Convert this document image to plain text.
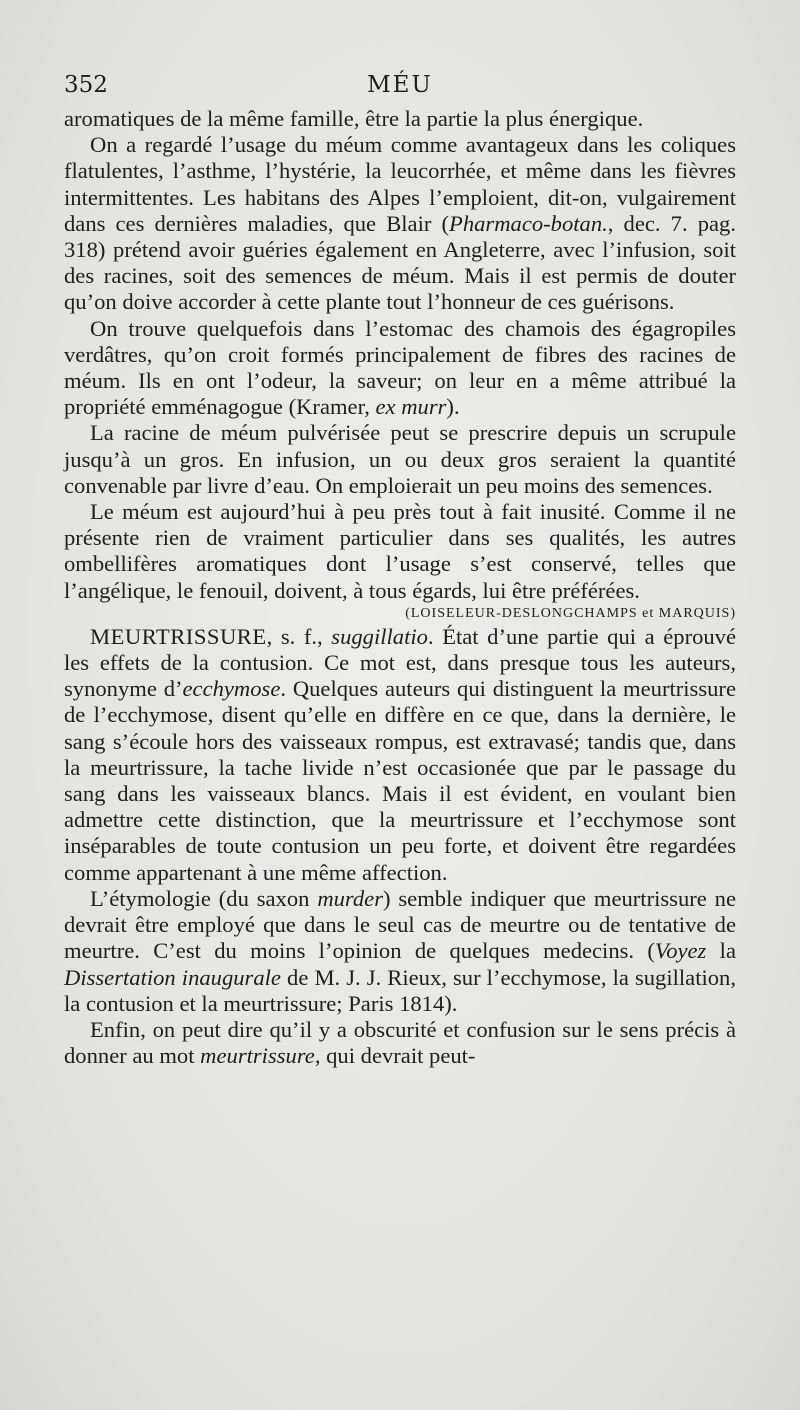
352	MÉU

aromatiques de la même famille, être la partie la plus énergique.

On a regardé l’usage du méum comme avantageux dans les coliques flatulentes, l’asthme, l’hystérie, la leucorrhée, et même dans les fièvres intermittentes. Les habitans des Alpes l’emploient, dit-on, vulgairement dans ces dernières maladies, que Blair (Pharmaco-botan., dec. 7. pag. 318) prétend avoir guéries également en Angleterre, avec l’infusion, soit des racines, soit des semences de méum. Mais il est permis de douter qu’on doive accorder à cette plante tout l’honneur de ces guérisons.

On trouve quelquefois dans l’estomac des chamois des égagropiles verdâtres, qu’on croit formés principalement de fibres des racines de méum. Ils en ont l’odeur, la saveur; on leur en a même attribué la propriété emménagogue (Kramer, ex murr).

La racine de méum pulvérisée peut se prescrire depuis un scrupule jusqu’à un gros. En infusion, un ou deux gros seraient la quantité convenable par livre d’eau. On emploierait un peu moins des semences.

Le méum est aujourd’hui à peu près tout à fait inusité. Comme il ne présente rien de vraiment particulier dans ses qualités, les autres ombellifères aromatiques dont l’usage s’est conservé, telles que l’angélique, le fenouil, doivent, à tous égards, lui être préférées.

(LOISELEUR-DESLONGCHAMPS et MARQUIS)

MEURTRISSURE, s. f., suggillatio. État d’une partie qui a éprouvé les effets de la contusion. Ce mot est, dans presque tous les auteurs, synonyme d’ecchymose. Quelques auteurs qui distinguent la meurtrissure de l’ecchymose, disent qu’elle en diffère en ce que, dans la dernière, le sang s’écoule hors des vaisseaux rompus, est extravasé; tandis que, dans la meurtrissure, la tache livide n’est occasionée que par le passage du sang dans les vaisseaux blancs. Mais il est évident, en voulant bien admettre cette distinction, que la meurtrissure et l’ecchymose sont inséparables de toute contusion un peu forte, et doivent être regardées comme appartenant à une même affection.

L’étymologie (du saxon murder) semble indiquer que meurtrissure ne devrait être employé que dans le seul cas de meurtre ou de tentative de meurtre. C’est du moins l’opinion de quelques medecins. (Voyez la Dissertation inaugurale de M. J. J. Rieux, sur l’ecchymose, la sugillation, la contusion et la meurtrissure; Paris 1814).

Enfin, on peut dire qu’il y a obscurité et confusion sur le sens précis à donner au mot meurtrissure, qui devrait peut-
